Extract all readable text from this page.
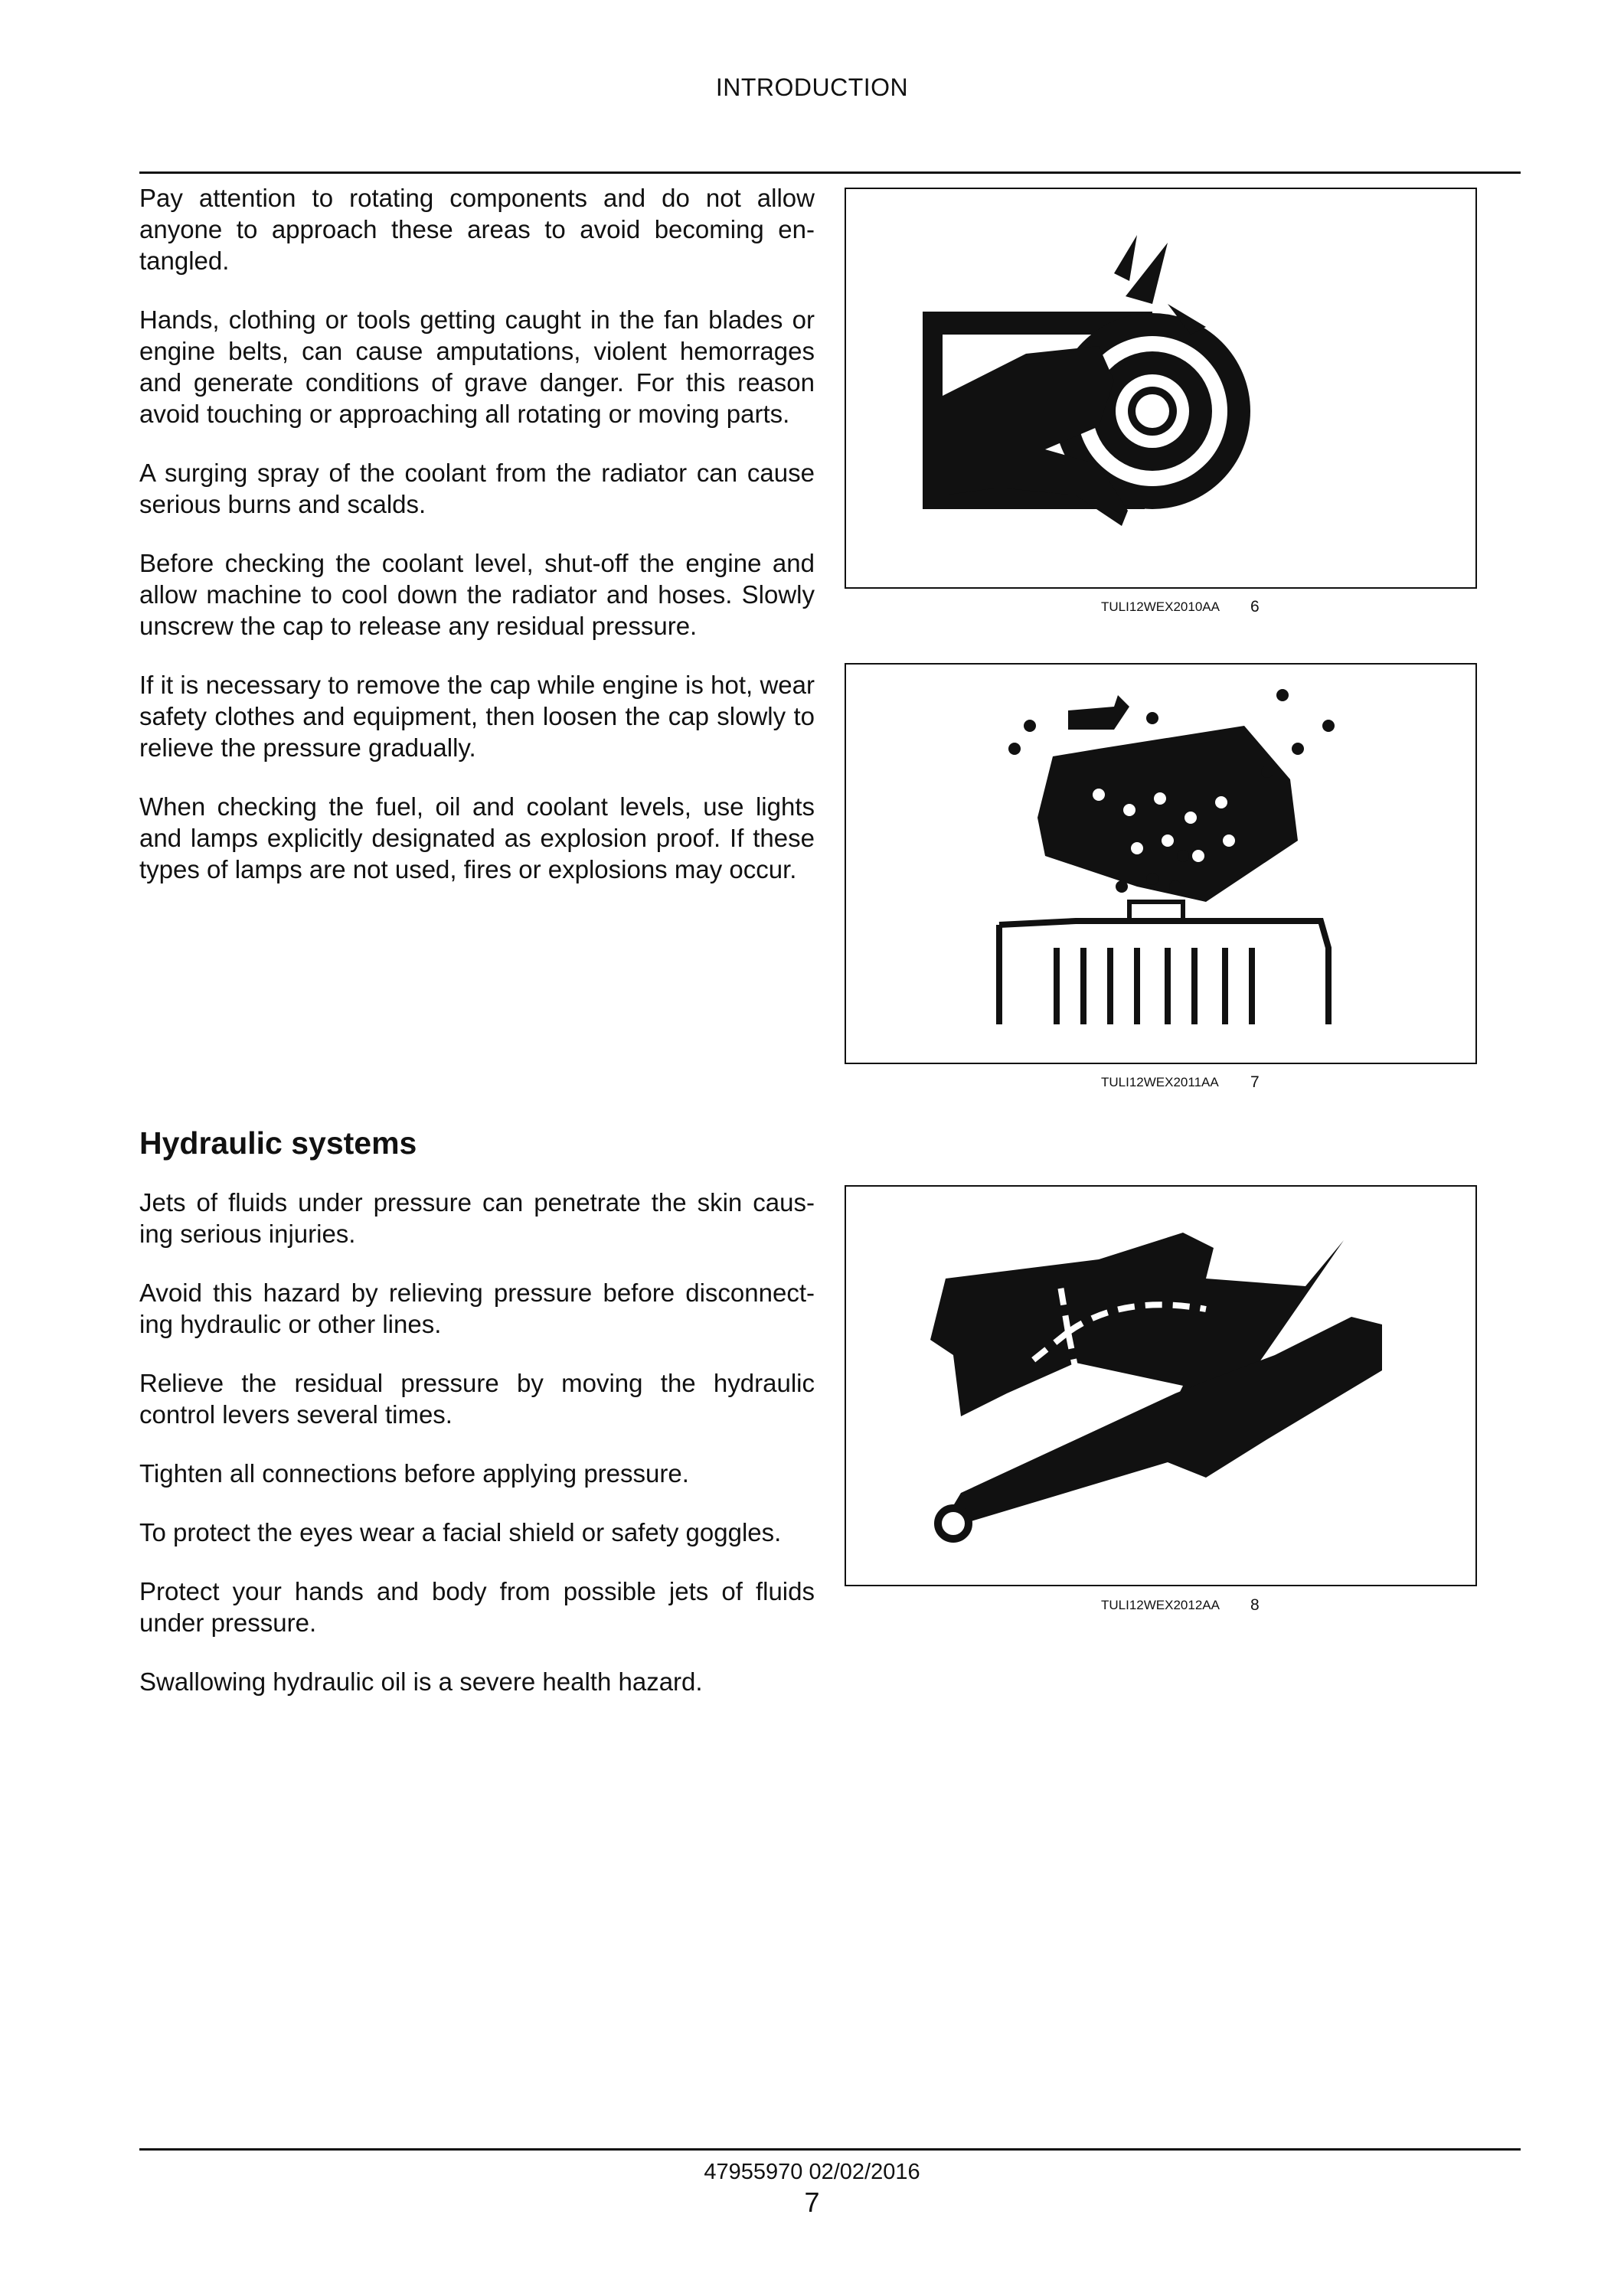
INTRODUCTION

Pay attention to rotating components and do not allow anyone to approach these areas to avoid becoming en-tangled.

Hands, clothing or tools getting caught in the fan blades or engine belts, can cause amputations, violent hemorrages and generate conditions of grave danger. For this reason avoid touching or approaching all rotating or moving parts.

A surging spray of the coolant from the radiator can cause serious burns and scalds.

Before checking the coolant level, shut-off the engine and allow machine to cool down the radiator and hoses. Slowly unscrew the cap to release any residual pressure.

If it is necessary to remove the cap while engine is hot, wear safety clothes and equipment, then loosen the cap slowly to relieve the pressure gradually.

When checking the fuel, oil and coolant levels, use lights and lamps explicitly designated as explosion proof. If these types of lamps are not used, fires or explosions may occur.

Hydraulic systems

Jets of fluids under pressure can penetrate the skin caus-ing serious injuries.

Avoid this hazard by relieving pressure before disconnect-ing hydraulic or other lines.

Relieve the residual pressure by moving the hydraulic control levers several times.

Tighten all connections before applying pressure.

To protect the eyes wear a facial shield or safety goggles.

Protect your hands and body from possible jets of fluids under pressure.

Swallowing hydraulic oil is a severe health hazard.

TULI12WEX2010AA 6
TULI12WEX2011AA 7
TULI12WEX2012AA 8
47955970 02/02/2016
7
